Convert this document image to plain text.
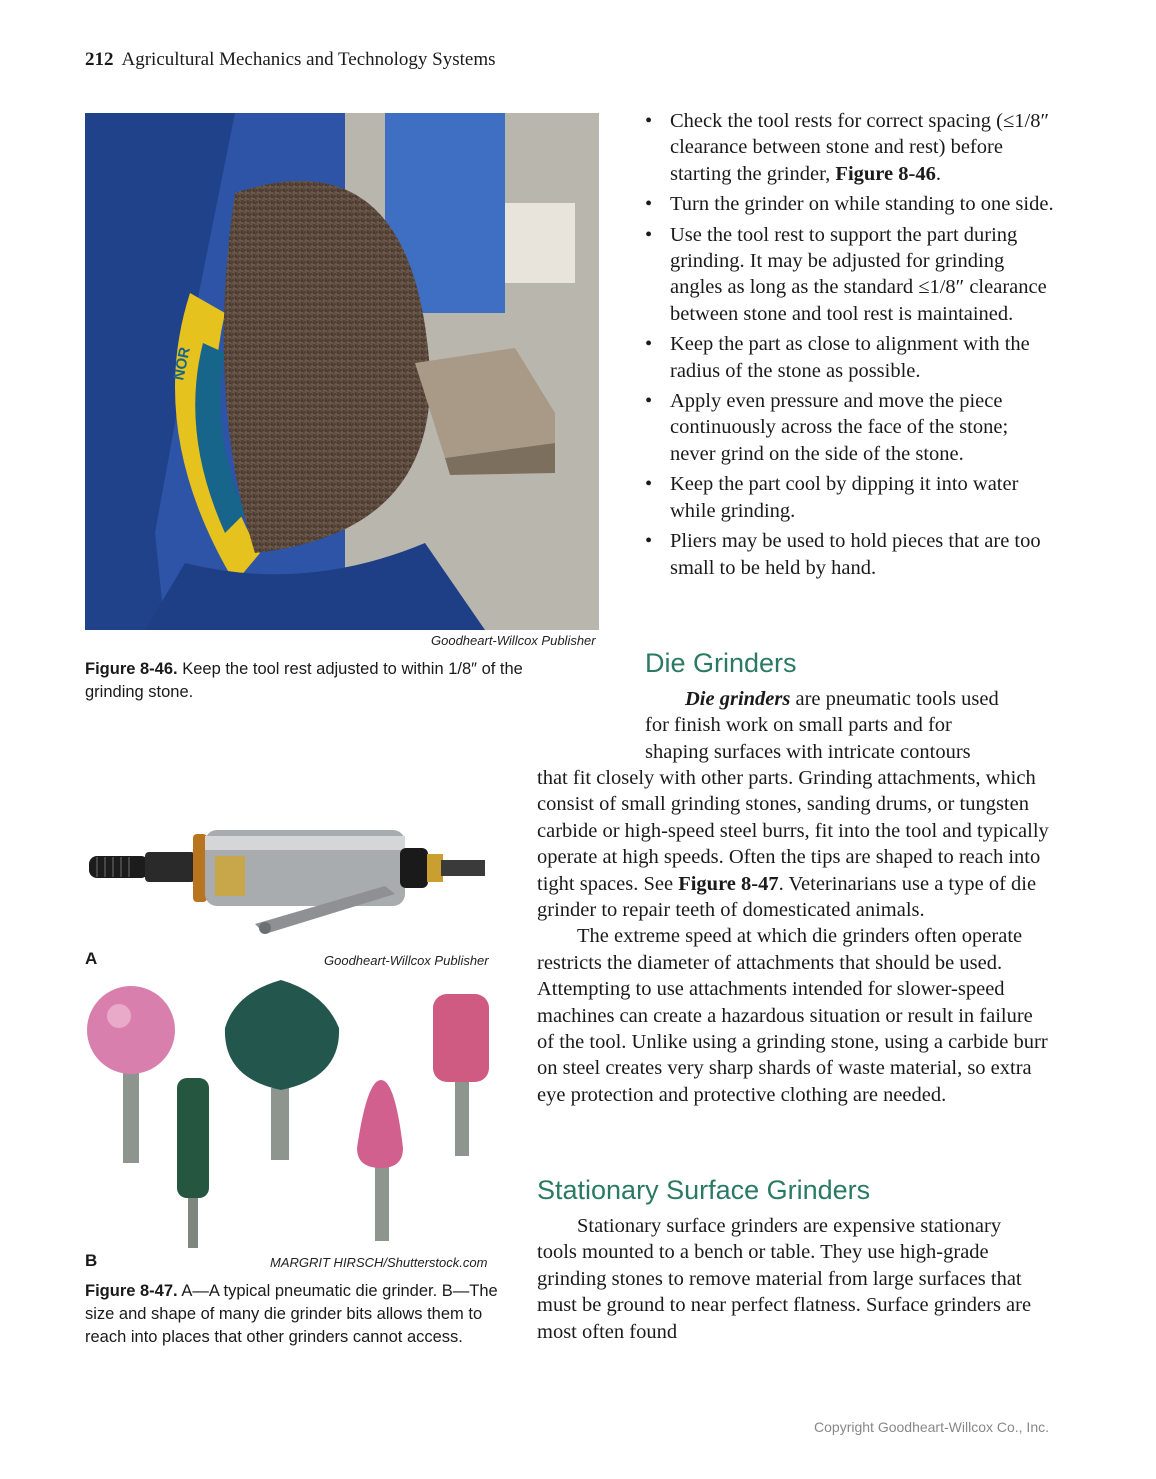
212 Agricultural Mechanics and Technology Systems
NOR
Goodheart-Willcox Publisher
Figure 8-46. Keep the tool rest adjusted to within 1/8″ of the grinding stone.
A	Goodheart-Willcox Publisher
B	MARGRIT HIRSCH/Shutterstock.com
Figure 8-47. A—A typical pneumatic die grinder. B—The size and shape of many die grinder bits allows them to reach into places that other grinders cannot access.
• Check the tool rests for correct spacing (≤1/8″ clearance between stone and rest) before starting the grinder, Figure 8-46.
• Turn the grinder on while standing to one side.
• Use the tool rest to support the part during grinding. It may be adjusted for grinding angles as long as the standard ≤1/8″ clearance between stone and tool rest is maintained.
• Keep the part as close to alignment with the radius of the stone as possible.
• Apply even pressure and move the piece continuously across the face of the stone; never grind on the side of the stone.
• Keep the part cool by dipping it into water while grinding.
• Pliers may be used to hold pieces that are too small to be held by hand.
Die Grinders
Die grinders are pneumatic tools used
for finish work on small parts and for
shaping surfaces with intricate contours
that fit closely with other parts. Grinding attachments, which consist of small grinding stones, sanding drums, or tungsten carbide or high-speed steel burrs, fit into the tool and typically operate at high speeds. Often the tips are shaped to reach into tight spaces. See Figure 8-47. Veterinarians use a type of die grinder to repair teeth of domesticated animals.

The extreme speed at which die grinders often operate restricts the diameter of attachments that should be used. Attempting to use attachments intended for slower-speed machines can create a hazardous situation or result in failure of the tool. Unlike using a grinding stone, using a carbide burr on steel creates very sharp shards of waste material, so extra eye protection and protective clothing are needed.

Stationary Surface Grinders

Stationary surface grinders are expensive stationary tools mounted to a bench or table. They use high-grade grinding stones to remove material from large surfaces that must be ground to near perfect flatness. Surface grinders are most often found

Copyright Goodheart-Willcox Co., Inc.
